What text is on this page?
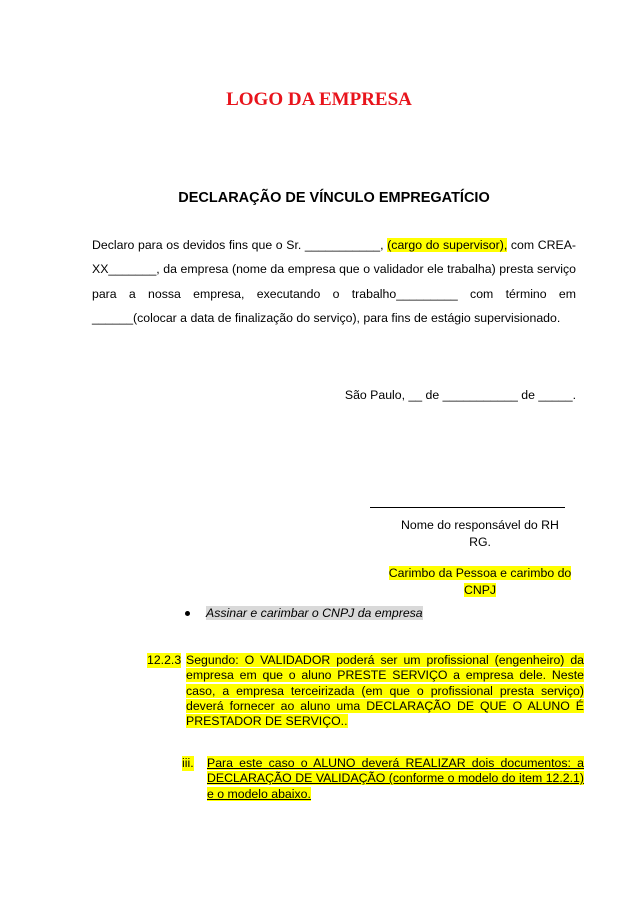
LOGO DA EMPRESA
DECLARAÇÃO DE VÍNCULO EMPREGATÍCIO
Declaro para os devidos fins que o Sr. ___________, (cargo do supervisor), com CREA-XX_______, da empresa (nome da empresa que o validador ele trabalha) presta serviço para a nossa empresa, executando o trabalho_________ com término em ______(colocar a data de finalização do serviço), para fins de estágio supervisionado.
São Paulo, __ de ___________ de _____.
Nome do responsável do RH
RG.
Carimbo da Pessoa e carimbo do
CNPJ
Assinar e carimbar o CNPJ da empresa
12.2.3 Segundo: O VALIDADOR poderá ser um profissional (engenheiro) da empresa em que o aluno PRESTE SERVIÇO a empresa dele. Neste caso, a empresa terceirizada (em que o profissional presta serviço) deverá fornecer ao aluno uma DECLARAÇÃO DE QUE O ALUNO É PRESTADOR DE SERVIÇO..
iii. Para este caso o ALUNO deverá REALIZAR dois documentos: a DECLARAÇÃO DE VALIDAÇÃO (conforme o modelo do item 12.2.1) e o modelo abaixo.
